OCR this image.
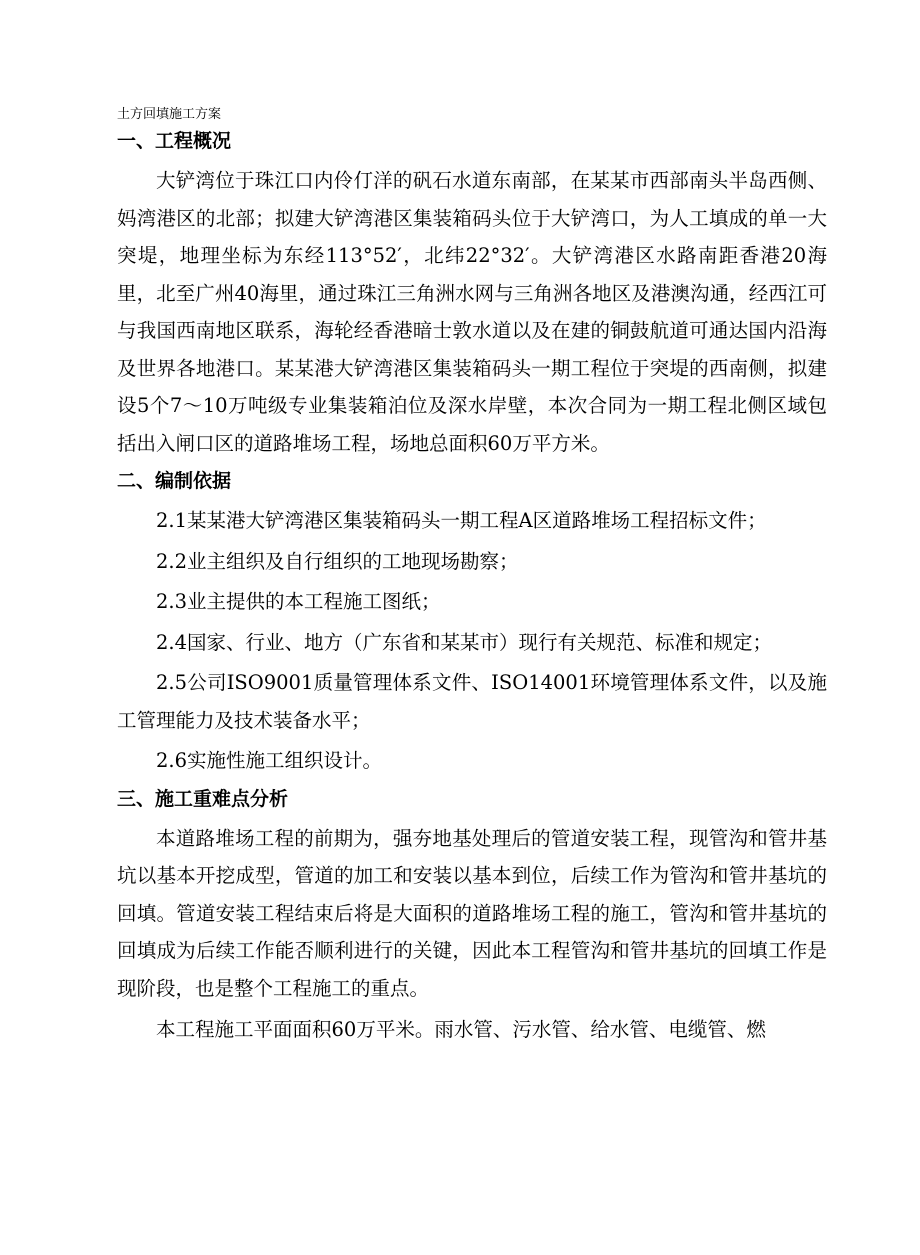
土方回填施工方案
一、工程概况

大铲湾位于珠江口内伶仃洋的矾石水道东南部，在某某市西部南头半岛西侧、妈湾港区的北部；拟建大铲湾港区集装箱码头位于大铲湾口，为人工填成的单一大突堤，地理坐标为东经113°52′，北纬22°32′。大铲湾港区水路南距香港20海里，北至广州40海里，通过珠江三角洲水网与三角洲各地区及港澳沟通，经西江可与我国西南地区联系，海轮经香港暗士敦水道以及在建的铜鼓航道可通达国内沿海及世界各地港口。某某港大铲湾港区集装箱码头一期工程位于突堤的西南侧，拟建设5个7～10万吨级专业集装箱泊位及深水岸壁，本次合同为一期工程北侧区域包括出入闸口区的道路堆场工程，场地总面积60万平方米。

二、编制依据

2.1某某港大铲湾港区集装箱码头一期工程A区道路堆场工程招标文件；

2.2业主组织及自行组织的工地现场勘察；

2.3业主提供的本工程施工图纸；

2.4国家、行业、地方（广东省和某某市）现行有关规范、标准和规定；

2.5公司ISO9001质量管理体系文件、ISO14001环境管理体系文件，以及施工管理能力及技术装备水平；

2.6实施性施工组织设计。

三、施工重难点分析

本道路堆场工程的前期为，强夯地基处理后的管道安装工程，现管沟和管井基坑以基本开挖成型，管道的加工和安装以基本到位，后续工作为管沟和管井基坑的回填。管道安装工程结束后将是大面积的道路堆场工程的施工，管沟和管井基坑的回填成为后续工作能否顺利进行的关键，因此本工程管沟和管井基坑的回填工作是现阶段，也是整个工程施工的重点。

本工程施工平面面积60万平米。雨水管、污水管、给水管、电缆管、燃
